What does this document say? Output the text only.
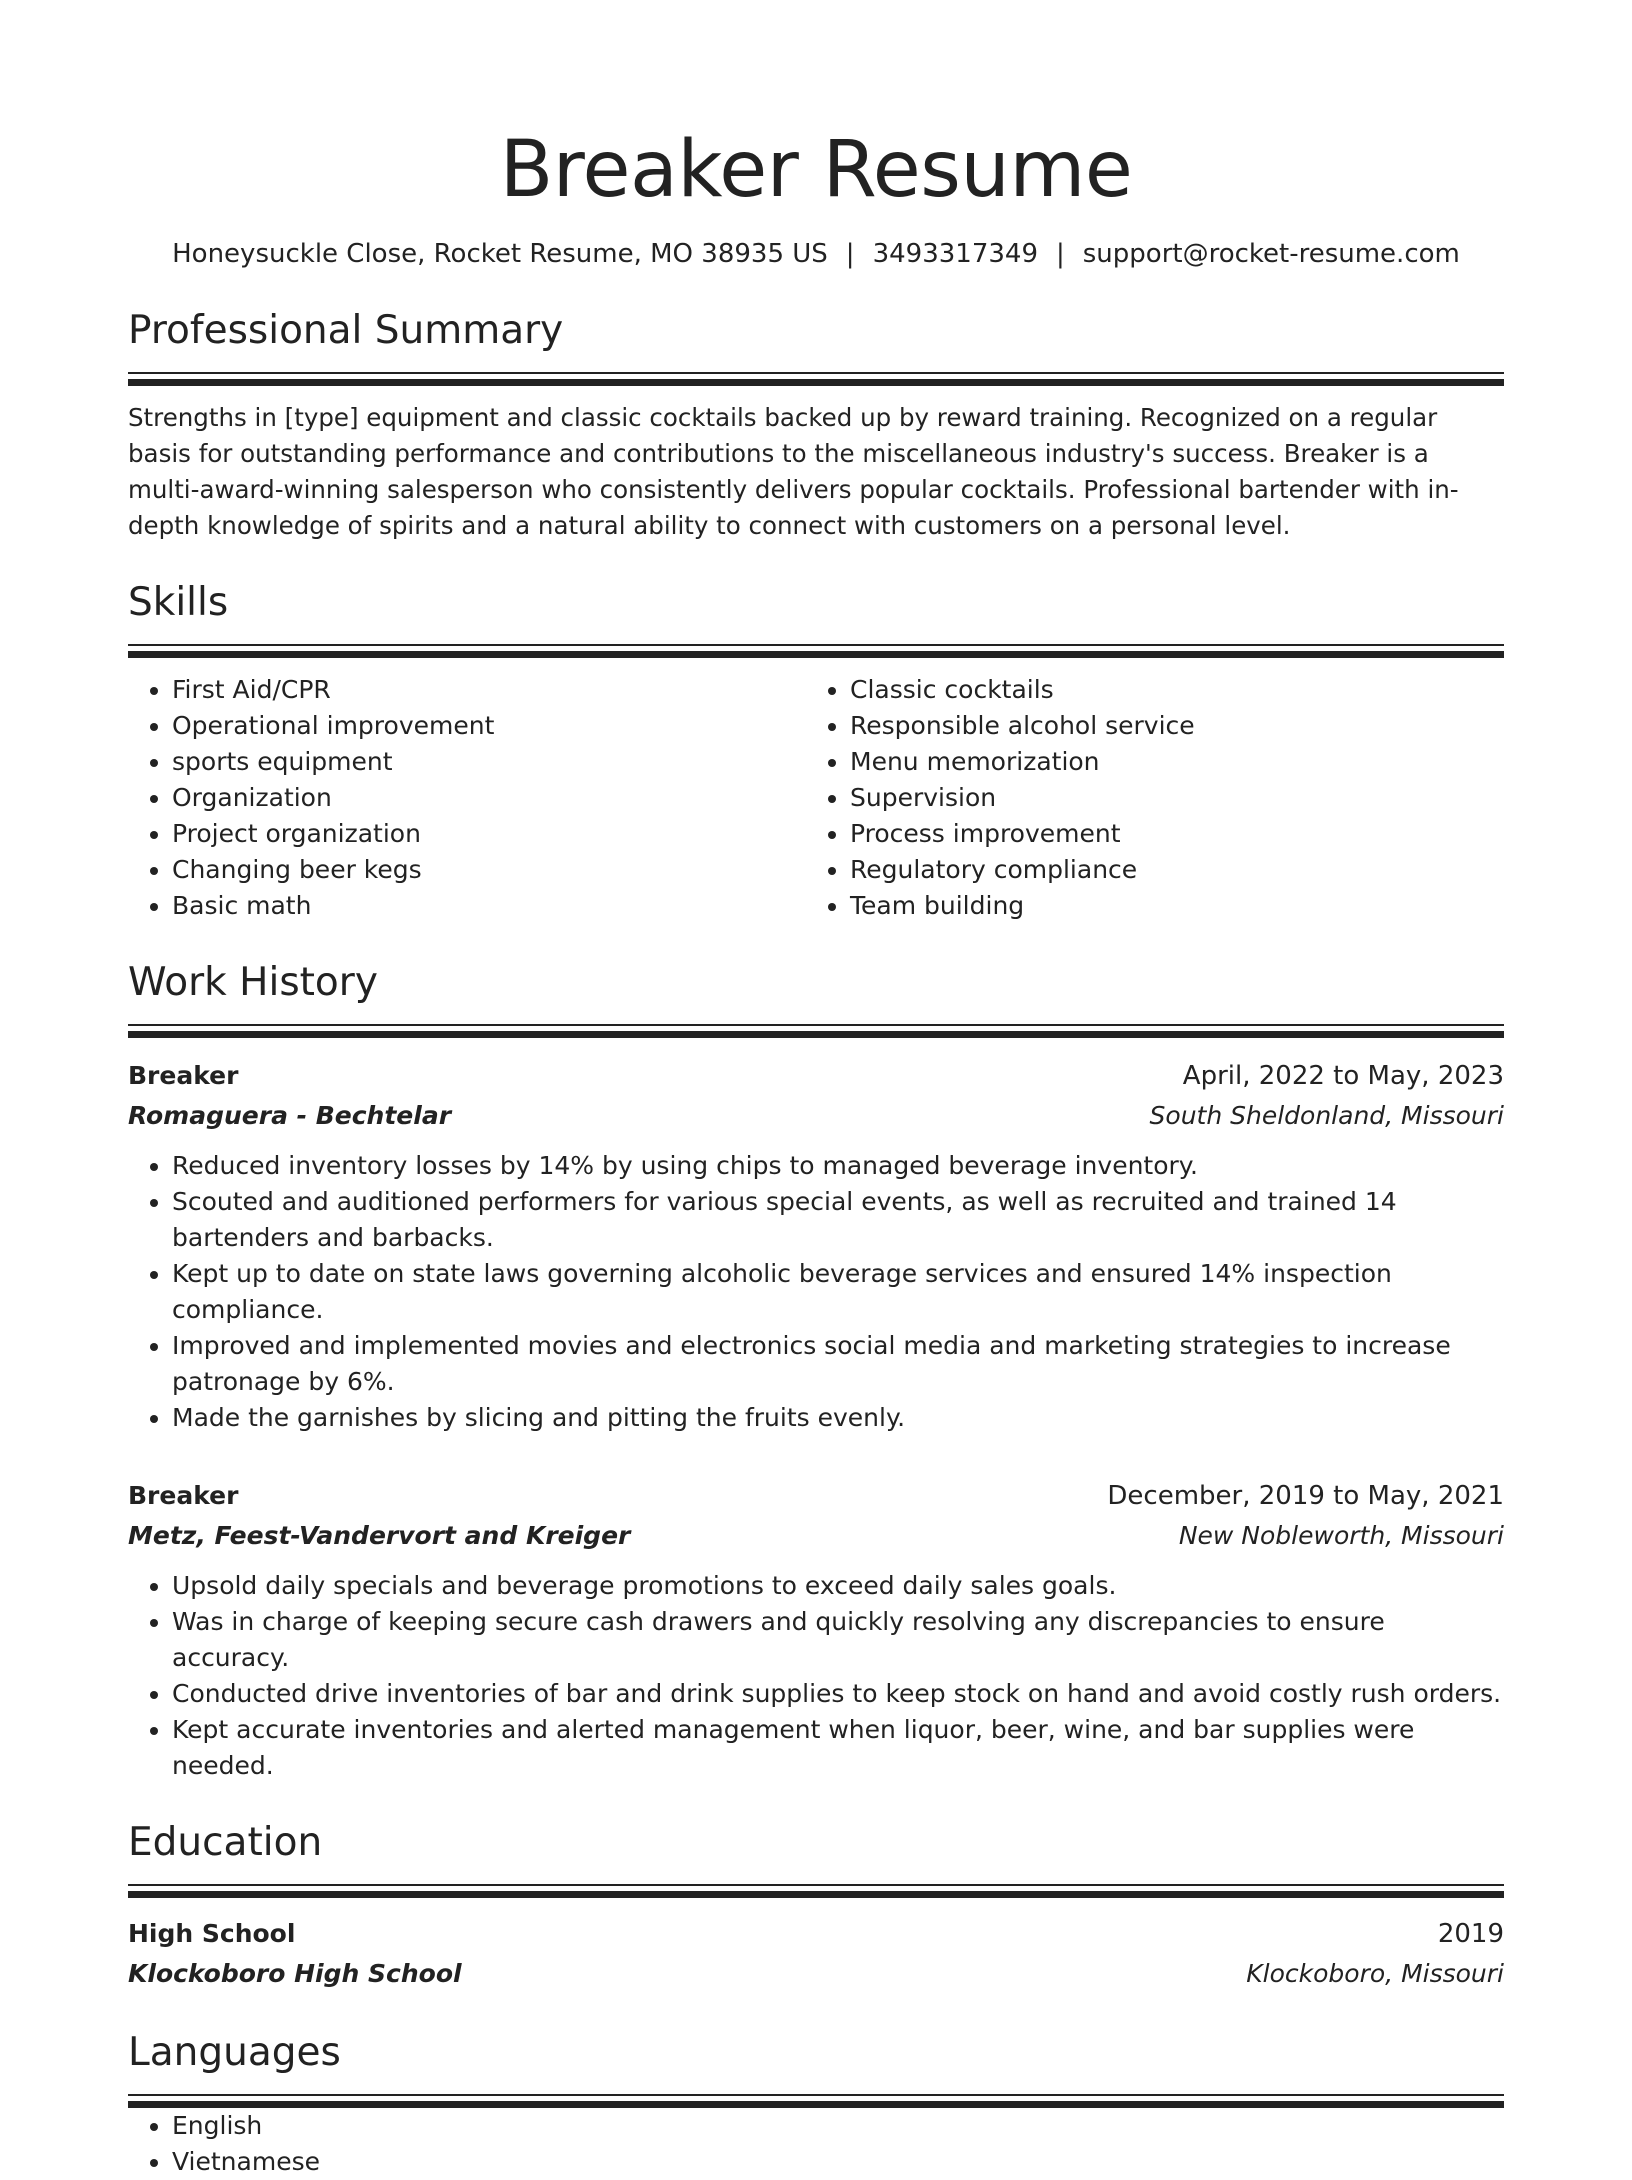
Breaker Resume
Honeysuckle Close, Rocket Resume, MO 38935 US | 3493317349 | support@rocket-resume.com
Professional Summary
Strengths in [type] equipment and classic cocktails backed up by reward training. Recognized on a regular basis for outstanding performance and contributions to the miscellaneous industry's success. Breaker is a multi-award-winning salesperson who consistently delivers popular cocktails. Professional bartender with in-depth knowledge of spirits and a natural ability to connect with customers on a personal level.
Skills
• First Aid/CPR
• Operational improvement
• sports equipment
• Organization
• Project organization
• Changing beer kegs
• Basic math
• Classic cocktails
• Responsible alcohol service
• Menu memorization
• Supervision
• Process improvement
• Regulatory compliance
• Team building
Work History
Breaker	April, 2022 to May, 2023
Romaguera - Bechtelar	South Sheldonland, Missouri
• Reduced inventory losses by 14% by using chips to managed beverage inventory.
• Scouted and auditioned performers for various special events, as well as recruited and trained 14 bartenders and barbacks.
• Kept up to date on state laws governing alcoholic beverage services and ensured 14% inspection compliance.
• Improved and implemented movies and electronics social media and marketing strategies to increase patronage by 6%.
• Made the garnishes by slicing and pitting the fruits evenly.
Breaker	December, 2019 to May, 2021
Metz, Feest-Vandervort and Kreiger	New Nobleworth, Missouri
• Upsold daily specials and beverage promotions to exceed daily sales goals.
• Was in charge of keeping secure cash drawers and quickly resolving any discrepancies to ensure accuracy.
• Conducted drive inventories of bar and drink supplies to keep stock on hand and avoid costly rush orders.
• Kept accurate inventories and alerted management when liquor, beer, wine, and bar supplies were needed.
Education
High School	2019
Klockoboro High School	Klockoboro, Missouri
Languages
• English
• Vietnamese
